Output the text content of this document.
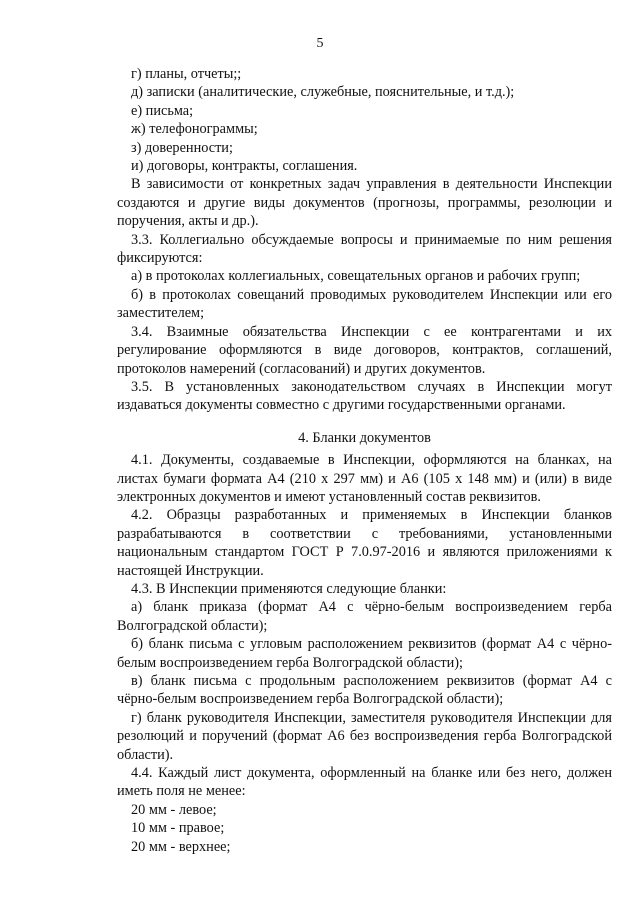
5

г) планы, отчеты;;

д) записки (аналитические, служебные, пояснительные, и т.д.);

е) письма;

ж) телефонограммы;

з) доверенности;

и) договоры, контракты, соглашения.

В зависимости от конкретных задач управления в деятельности Инспекции создаются и другие виды документов (прогнозы, программы, резолюции и поручения, акты и др.).

3.3. Коллегиально обсуждаемые вопросы и принимаемые по ним решения фиксируются:

а) в протоколах коллегиальных, совещательных органов и рабочих групп;

б) в протоколах совещаний проводимых руководителем Инспекции или его заместителем;

3.4. Взаимные обязательства Инспекции с ее контрагентами и их регулирование оформляются в виде договоров, контрактов, соглашений, протоколов намерений (согласований) и других документов.

3.5. В установленных законодательством случаях в Инспекции могут издаваться документы совместно с другими государственными органами.

4. Бланки документов

4.1. Документы, создаваемые в Инспекции, оформляются на бланках, на листах бумаги формата А4 (210 х 297 мм) и А6 (105 х 148 мм) и (или) в виде электронных документов и имеют установленный состав реквизитов.

4.2. Образцы разработанных и применяемых в Инспекции бланков разрабатываются в соответствии с требованиями, установленными национальным стандартом ГОСТ Р 7.0.97-2016 и являются приложениями к настоящей Инструкции.

4.3. В Инспекции применяются следующие бланки:

а) бланк приказа (формат А4 с чёрно-белым воспроизведением герба Волгоградской области);

б) бланк письма с угловым расположением реквизитов (формат А4 с чёрно-белым воспроизведением герба Волгоградской области);

в) бланк письма с продольным расположением реквизитов (формат А4 с чёрно-белым воспроизведением герба Волгоградской области);

г) бланк руководителя Инспекции, заместителя руководителя Инспекции для резолюций и поручений (формат А6 без воспроизведения герба Волгоградской области).

4.4. Каждый лист документа, оформленный на бланке или без него, должен иметь поля не менее:

20 мм - левое;

10 мм - правое;

20 мм - верхнее;
